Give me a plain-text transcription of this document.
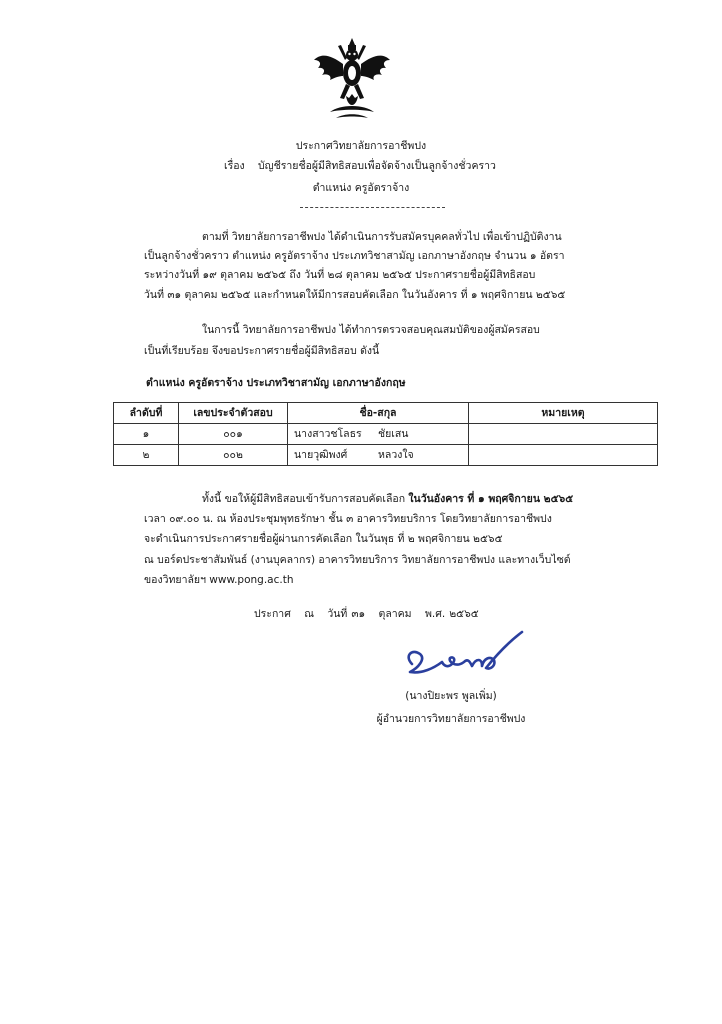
ประกาศวิทยาลัยการอาชีพปง
เรื่อง บัญชีรายชื่อผู้มีสิทธิสอบเพื่อจัดจ้างเป็นลูกจ้างชั่วคราว
ตำแหน่ง ครูอัตราจ้าง

ตามที่ วิทยาลัยการอาชีพปง ได้ดำเนินการรับสมัครบุคคลทั่วไป เพื่อเข้าปฏิบัติงาน

เป็นลูกจ้างชั่วคราว ตำแหน่ง ครูอัตราจ้าง ประเภทวิชาสามัญ เอกภาษาอังกฤษ จำนวน ๑ อัตรา

ระหว่างวันที่ ๑๙ ตุลาคม ๒๕๖๕ ถึง วันที่ ๒๘ ตุลาคม ๒๕๖๕ ประกาศรายชื่อผู้มีสิทธิสอบ

วันที่ ๓๑ ตุลาคม ๒๕๖๕ และกำหนดให้มีการสอบคัดเลือก ในวันอังคาร ที่ ๑ พฤศจิกายน ๒๕๖๕

ในการนี้ วิทยาลัยการอาชีพปง ได้ทำการตรวจสอบคุณสมบัติของผู้สมัครสอบ

เป็นที่เรียบร้อย จึงขอประกาศรายชื่อผู้มีสิทธิสอบ ดังนี้

ตำแหน่ง ครูอัตราจ้าง ประเภทวิชาสามัญ เอกภาษาอังกฤษ
ลำดับที่	เลขประจำตัวสอบ	ชื่อ-สกุล	หมายเหตุ
๑	๐๐๑	นางสาวชโลธร ชัยเสน	
๒	๐๐๒	นายวุฒิพงศ์ หลวงใจ	

ทั้งนี้ ขอให้ผู้มีสิทธิสอบเข้ารับการสอบคัดเลือก ในวันอังคาร ที่ ๑ พฤศจิกายน ๒๕๖๕

เวลา ๐๙.๐๐ น. ณ ห้องประชุมพุทธรักษา ชั้น ๓ อาคารวิทยบริการ โดยวิทยาลัยการอาชีพปง

จะดำเนินการประกาศรายชื่อผู้ผ่านการคัดเลือก ในวันพุธ ที่ ๒ พฤศจิกายน ๒๕๖๕

ณ บอร์ดประชาสัมพันธ์ (งานบุคลากร) อาคารวิทยบริการ วิทยาลัยการอาชีพปง และทางเว็บไซต์

ของวิทยาลัยฯ www.pong.ac.th

ประกาศ ณ วันที่ ๓๑ ตุลาคม พ.ศ. ๒๕๖๕
(นางปิยะพร พูลเพิ่ม)
ผู้อำนวยการวิทยาลัยการอาชีพปง
